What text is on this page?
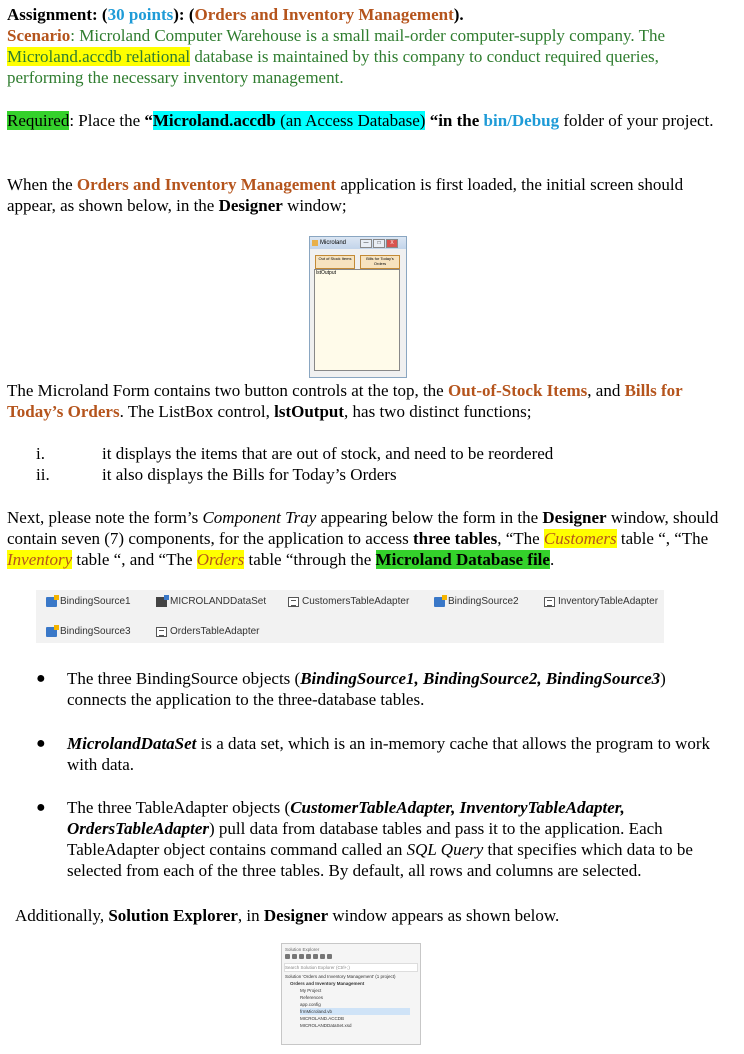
Assignment: (30 points): (Orders and Inventory Management).

Scenario: Microland Computer Warehouse is a small mail-order computer-supply company. The Microland.accdb relational database is maintained by this company to conduct required queries, performing the necessary inventory management.

Required: Place the “Microland.accdb (an Access Database) “in the bin/Debug folder of your project.

When the Orders and Inventory Management application is first loaded, the initial screen should appear, as shown below, in the Designer window;

Microland	—	□	X
Out of Stock Items	Bills for Today's Orders
lstOutput

The Microland Form contains two button controls at the top, the Out-of-Stock Items, and Bills for Today’s Orders. The ListBox control, lstOutput, has two distinct functions;

i.	it displays the items that are out of stock, and need to be reordered
ii.	it also displays the Bills for Today’s Orders

Next, please note the form’s Component Tray appearing below the form in the Designer window, should contain seven (7) components, for the application to access three tables, “The Customers table “, “The Inventory table “, and “The Orders table “through the Microland Database file.

BindingSource1	MICROLANDDataSet	CustomersTableAdapter	BindingSource2	InventoryTableAdapter
BindingSource3	OrdersTableAdapter
● The three BindingSource objects (BindingSource1, BindingSource2, BindingSource3) connects the application to the three-database tables.

● MicrolandDataSet is a data set, which is an in-memory cache that allows the program to work with data.

● The three TableAdapter objects (CustomerTableAdapter, InventoryTableAdapter, OrdersTableAdapter) pull data from database tables and pass it to the application. Each TableAdapter object contains command called an SQL Query that specifies which data to be selected from each of the three tables. By default, all rows and columns are selected.

Additionally, Solution Explorer, in Designer window appears as shown below.

Solution Explorer
Search Solution Explorer (Ctrl+;)
Solution 'Orders and Inventory Management' (1 project)
Orders and Inventory Management
My Project
References
app.config
frmMicroland.vb
MICROLAND.ACCDB
MICROLANDDataSet.xsd
